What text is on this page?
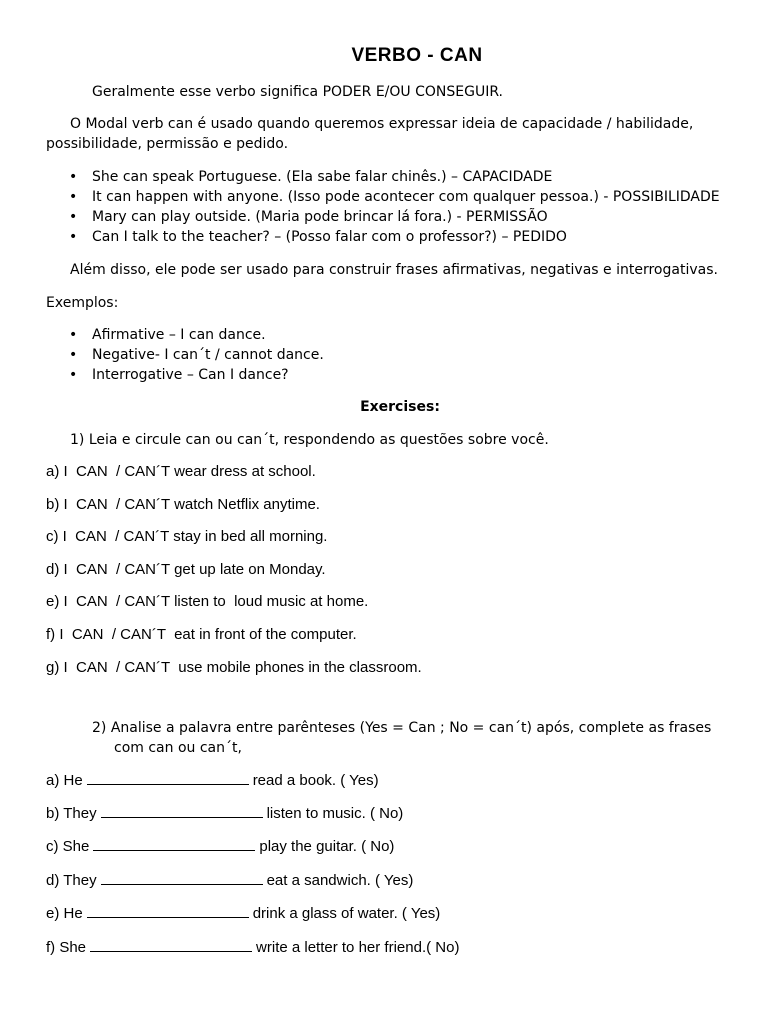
VERBO - CAN

Geralmente esse verbo significa PODER E/OU CONSEGUIR.

O Modal verb can é usado quando queremos expressar ideia de capacidade / habilidade, possibilidade, permissão e pedido.

• She can speak Portuguese. (Ela sabe falar chinês.) – CAPACIDADE
• It can happen with anyone. (Isso pode acontecer com qualquer pessoa.) - POSSIBILIDADE
• Mary can play outside. (Maria pode brincar lá fora.) - PERMISSÃO
• Can I talk to the teacher? – (Posso falar com o professor?) – PEDIDO

Além disso, ele pode ser usado para construir frases afirmativas, negativas e interrogativas.

Exemplos:

• Afirmative – I can dance.
• Negative- I can´t / cannot dance.
• Interrogative – Can I dance?

Exercises:

1) Leia e circule can ou can´t, respondendo as questões sobre você.

a) I  CAN  / CAN´T wear dress at school.

b) I  CAN  / CAN´T watch Netflix anytime.

c) I  CAN  / CAN´T stay in bed all morning.

d) I  CAN  / CAN´T get up late on Monday.

e) I  CAN  / CAN´T listen to  loud music at home.

f) I  CAN  / CAN´T  eat in front of the computer.

g) I  CAN  / CAN´T  use mobile phones in the classroom.

2) Analise a palavra entre parênteses (Yes = Can ; No = can´t) após, complete as frases com can ou can´t,

a) He	read a book. ( Yes)

b) They	listen to music. ( No)

c) She	play the guitar. ( No)

d) They	eat a sandwich. ( Yes)

e) He	drink a glass of water. ( Yes)

f) She	write a letter to her friend.( No)
